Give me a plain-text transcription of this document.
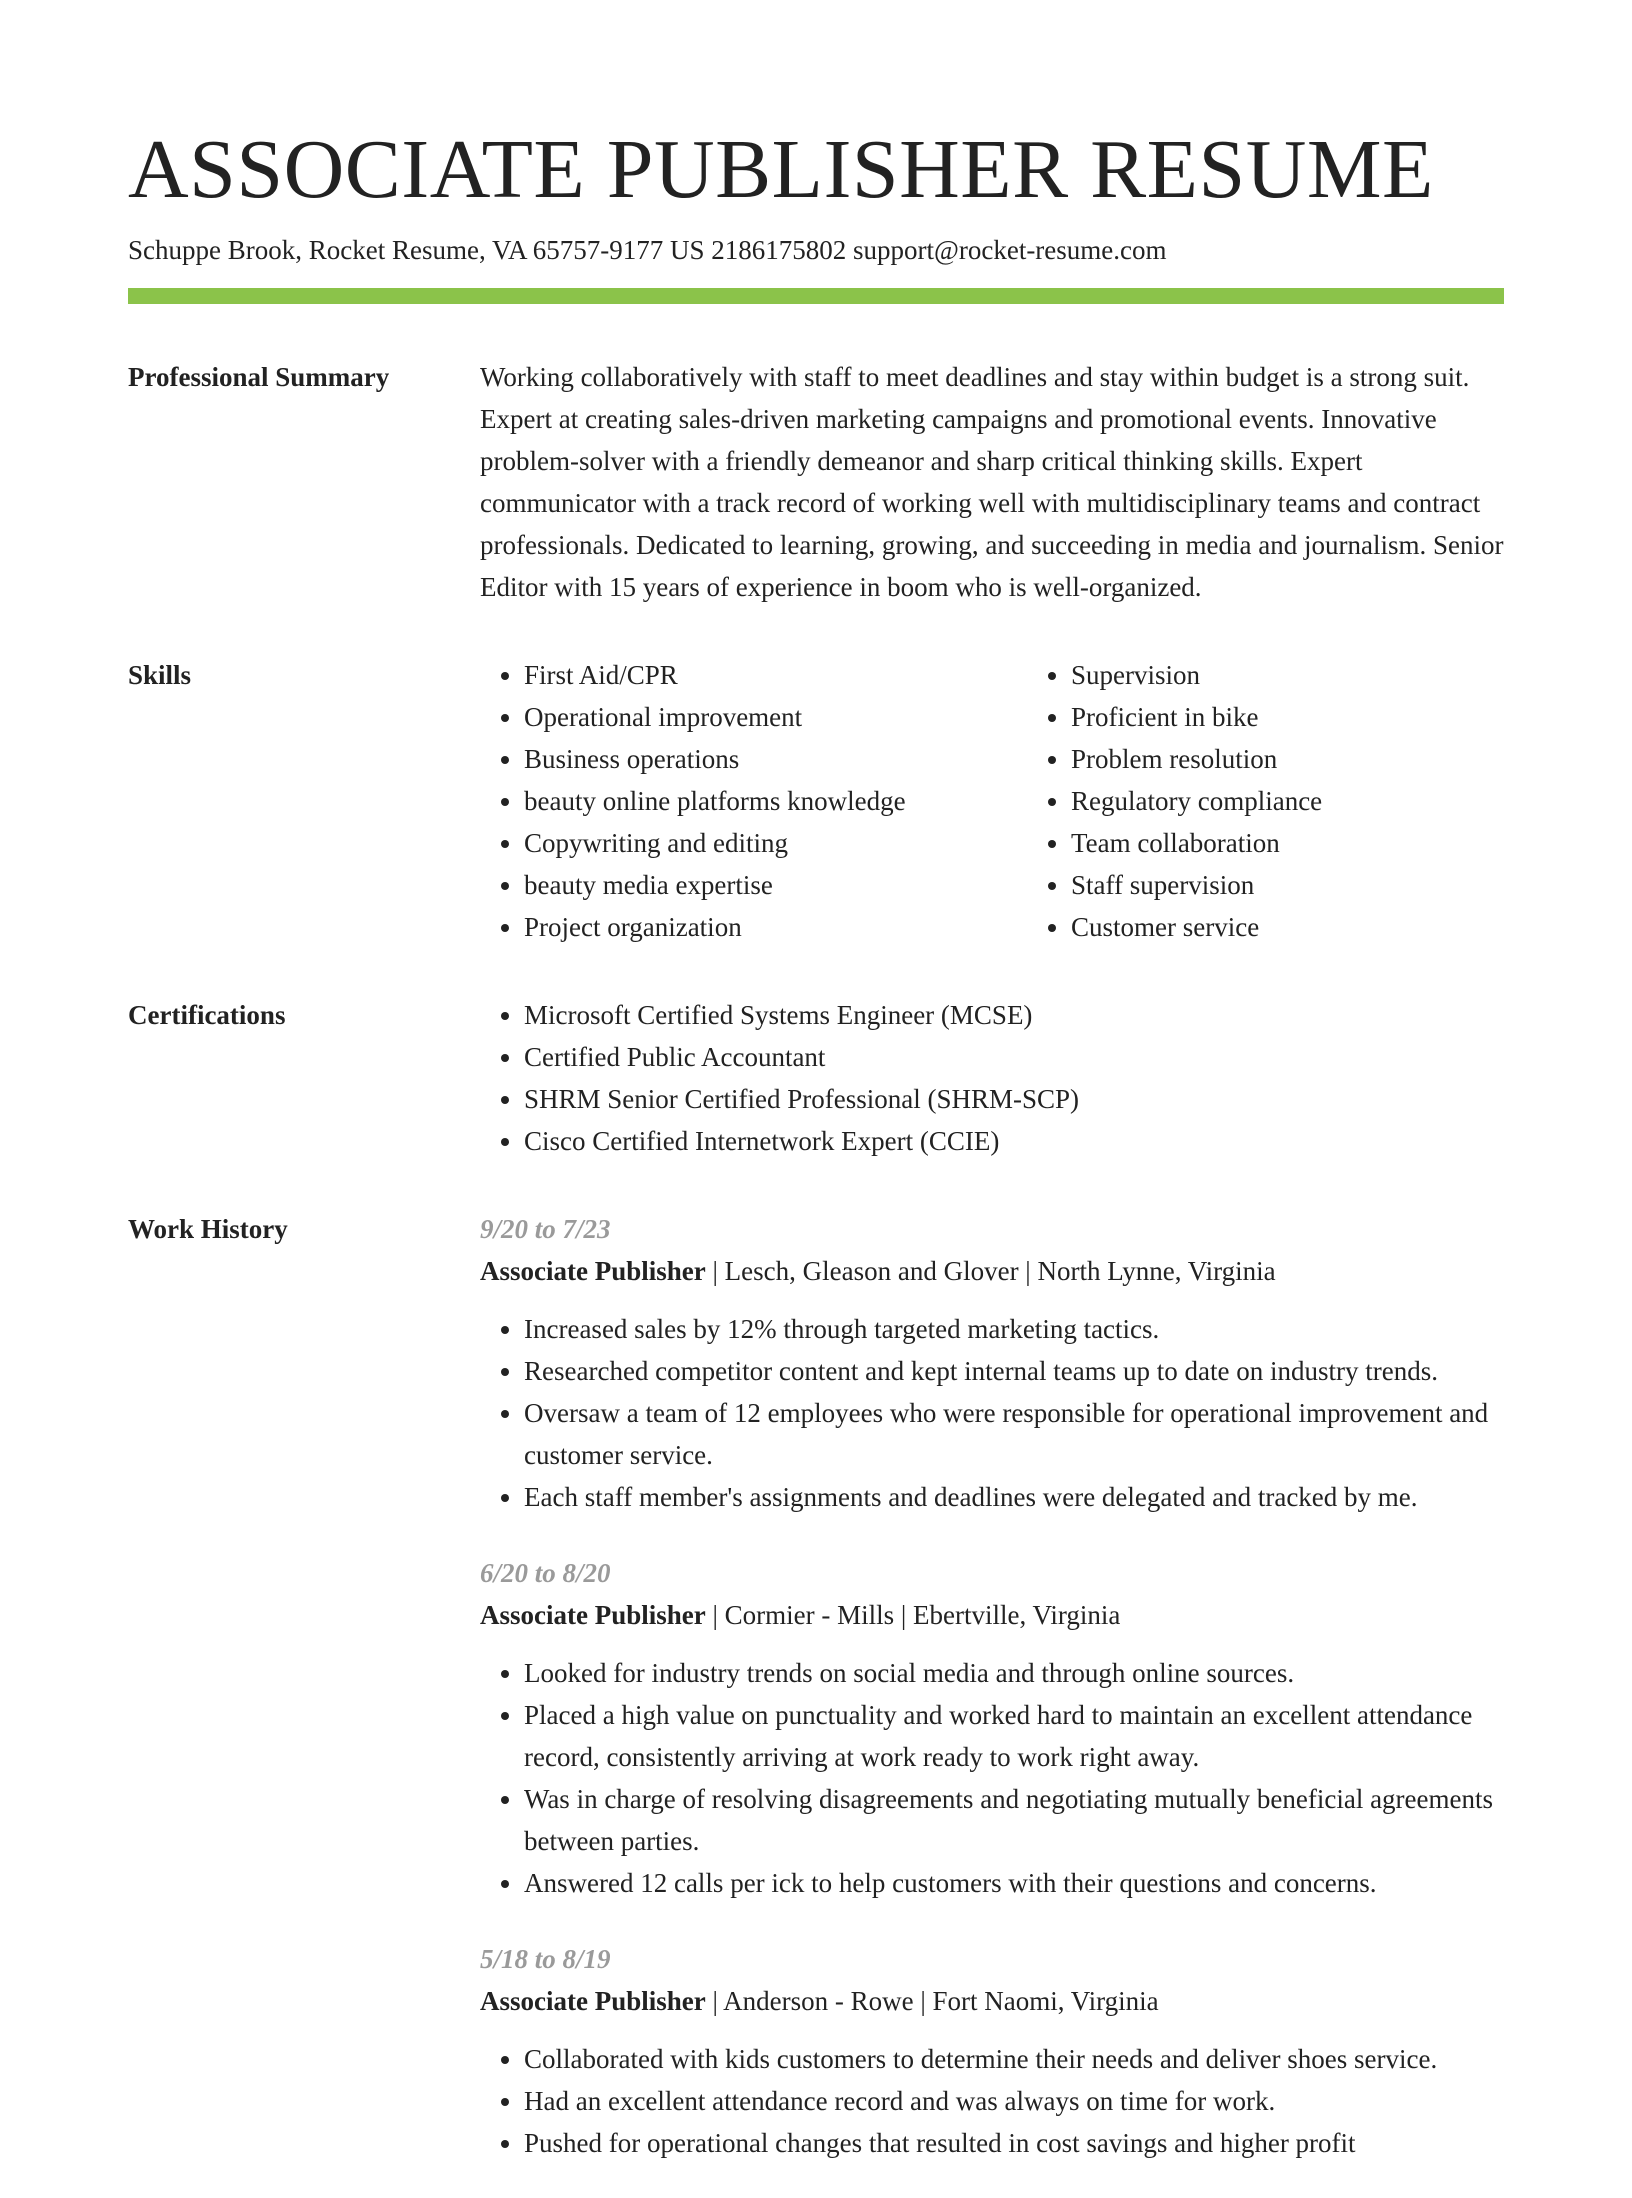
ASSOCIATE PUBLISHER RESUME
Schuppe Brook, Rocket Resume, VA 65757-9177 US 2186175802 support@rocket-resume.com
Professional Summary	Working collaboratively with staff to meet deadlines and stay within budget is a strong suit. Expert at creating sales-driven marketing campaigns and promotional events. Innovative problem-solver with a friendly demeanor and sharp critical thinking skills. Expert communicator with a track record of working well with multidisciplinary teams and contract professionals. Dedicated to learning, growing, and succeeding in media and journalism. Senior Editor with 15 years of experience in boom who is well-organized.

Skills	• First Aid/CPR
• Operational improvement
• Business operations
• beauty online platforms knowledge
• Copywriting and editing
• beauty media expertise
• Project organization
• Supervision
• Proficient in bike
• Problem resolution
• Regulatory compliance
• Team collaboration
• Staff supervision
• Customer service
Certifications	• Microsoft Certified Systems Engineer (MCSE)
• Certified Public Accountant
• SHRM Senior Certified Professional (SHRM-SCP)
• Cisco Certified Internetwork Expert (CCIE)
Work History	9/20 to 7/23
Associate Publisher | Lesch, Gleason and Glover | North Lynne, Virginia
• Increased sales by 12% through targeted marketing tactics.
• Researched competitor content and kept internal teams up to date on industry trends.
• Oversaw a team of 12 employees who were responsible for operational improvement and customer service.
• Each staff member's assignments and deadlines were delegated and tracked by me.
6/20 to 8/20
Associate Publisher | Cormier - Mills | Ebertville, Virginia
• Looked for industry trends on social media and through online sources.
• Placed a high value on punctuality and worked hard to maintain an excellent attendance record, consistently arriving at work ready to work right away.
• Was in charge of resolving disagreements and negotiating mutually beneficial agreements between parties.
• Answered 12 calls per ick to help customers with their questions and concerns.
5/18 to 8/19
Associate Publisher | Anderson - Rowe | Fort Naomi, Virginia
• Collaborated with kids customers to determine their needs and deliver shoes service.
• Had an excellent attendance record and was always on time for work.
• Pushed for operational changes that resulted in cost savings and higher profit
